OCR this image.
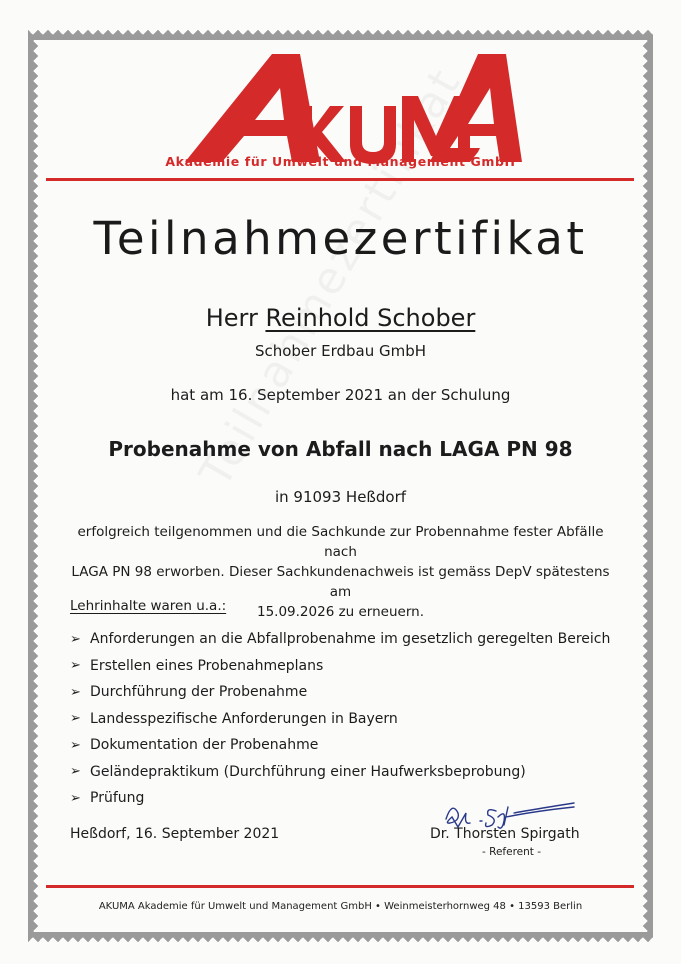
Akademie für Umwelt und Management GmbH
Teilnahmezertifikat
Herr Reinhold Schober
Schober Erdbau GmbH
hat am 16. September 2021 an der Schulung
Probenahme von Abfall nach LAGA PN 98
in 91093 Heßdorf
erfolgreich teilgenommen und die Sachkunde zur Probennahme fester Abfälle nach
LAGA PN 98 erworben. Dieser Sachkundenachweis ist gemäss DepV spätestens am
15.09.2026 zu erneuern.
Lehrinhalte waren u.a.:
➢ Anforderungen an die Abfallprobenahme im gesetzlich geregelten Bereich
➢ Erstellen eines Probenahmeplans
➢ Durchführung der Probenahme
➢ Landesspezifische Anforderungen in Bayern
➢ Dokumentation der Probenahme
➢ Geländepraktikum (Durchführung einer Haufwerksbeprobung)
➢ Prüfung
Heßdorf, 16. September 2021	Dr. Thorsten Spirgath
- Referent -
AKUMA Akademie für Umwelt und Management GmbH • Weinmeisterhornweg 48 • 13593 Berlin
